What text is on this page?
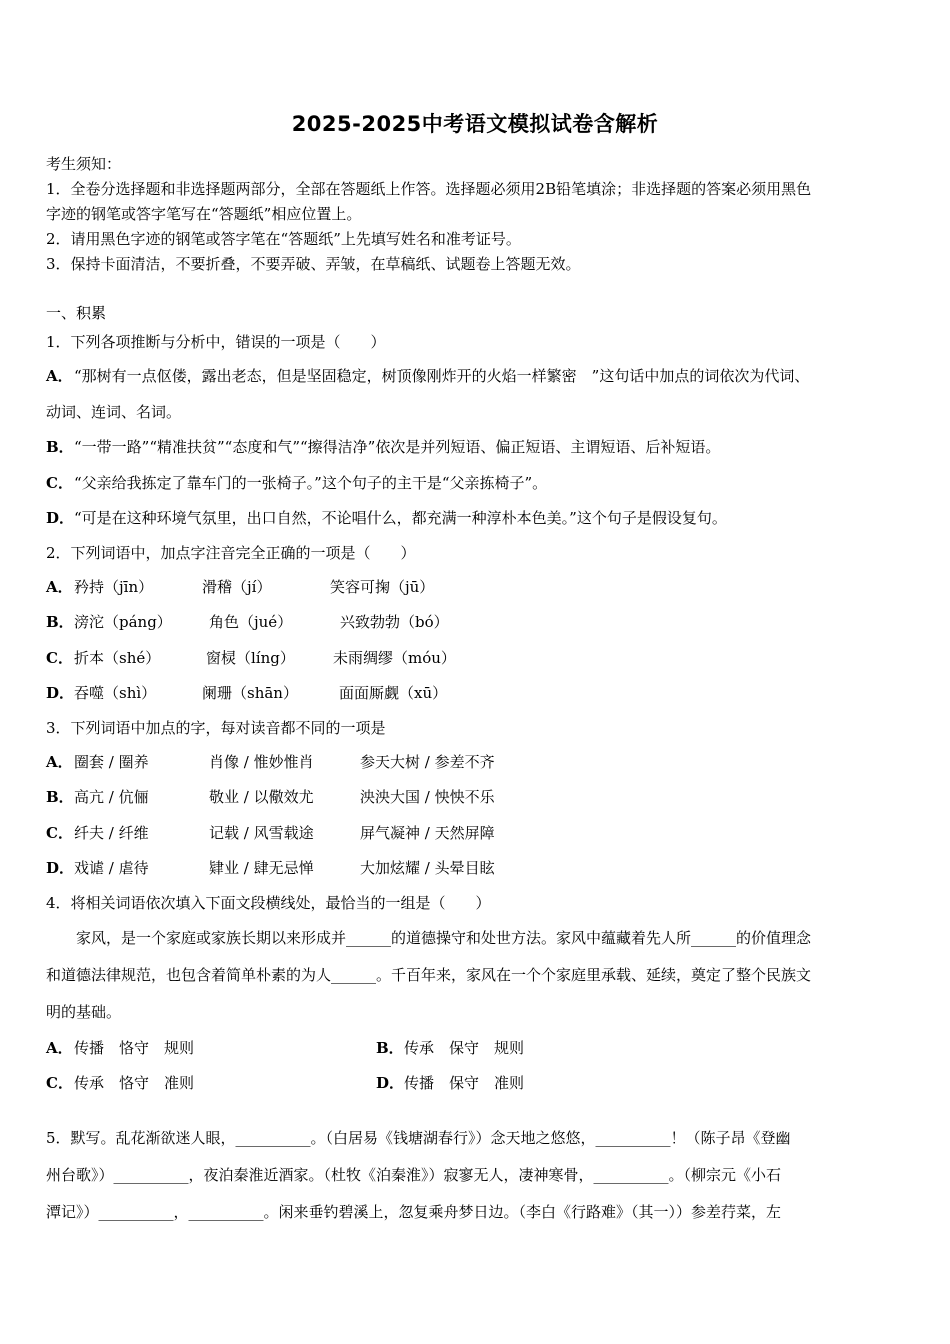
2025-2025中考语文模拟试卷含解析

考生须知：

1．全卷分选择题和非选择题两部分，全部在答题纸上作答。选择题必须用2B铅笔填涂；非选择题的答案必须用黑色

字迹的钢笔或答字笔写在“答题纸”相应位置上。

2．请用黑色字迹的钢笔或答字笔在“答题纸”上先填写姓名和准考证号。

3．保持卡面清洁，不要折叠，不要弄破、弄皱，在草稿纸、试题卷上答题无效。

一、积累

1．下列各项推断与分析中，错误的一项是（　　）

A．“那树有一点伛偻，露出老态，但是坚固稳定，树顶像刚炸开的火焰一样繁密　”这句话中加点的词依次为代词、

动词、连词、名词。

B．“一带一路”“精准扶贫”“态度和气”“擦得洁净”依次是并列短语、偏正短语、主谓短语、后补短语。

C．“父亲给我拣定了靠车门的一张椅子。”这个句子的主干是“父亲拣椅子”。

D．“可是在这种环境气氛里，出口自然，不论唱什么，都充满一种淳朴本色美。”这个句子是假设复句。

2．下列词语中，加点字注音完全正确的一项是（　　）

A．矜持（jīn）	滑稽（jí）	笑容可掬（jū）

B．滂沱（páng） 角色（jué）	兴致勃勃（bó）

C．折本（shé）	窗棂（líng）	未雨绸缪（móu）

D．吞噬（shì）	阑珊（shān）	面面厮觑（xū）

3．下列词语中加点的字，每对读音都不同的一项是

A．圈套 / 圈养	肖像 / 惟妙惟肖	参天大树 / 参差不齐

B．高亢 / 伉俪	敬业 / 以儆效尤	泱泱大国 / 怏怏不乐

C．纤夫 / 纤维	记载 / 风雪载途	屏气凝神 / 天然屏障

D．戏谑 / 虐待	肄业 / 肆无忌惮	大加炫耀 / 头晕目眩

4．将相关词语依次填入下面文段横线处，最恰当的一组是（　　）

家风，是一个家庭或家族长期以来形成并______的道德操守和处世方法。家风中蕴藏着先人所______的价值理念

和道德法律规范，也包含着简单朴素的为人______。千百年来，家风在一个个家庭里承载、延续，奠定了整个民族文

明的基础。

A．传播　恪守　规则	B．传承　保守　规则

C．传承　恪守　准则	D．传播　保守　准则

5．默写。乱花渐欲迷人眼，__________。（白居易《钱塘湖春行》）念天地之悠悠，__________！（陈子昂《登幽

州台歌》）__________，夜泊秦淮近酒家。（杜牧《泊秦淮》）寂寥无人，凄神寒骨，__________。（柳宗元《小石

潭记》）__________，__________。闲来垂钓碧溪上，忽复乘舟梦日边。（李白《行路难》（其一））参差荇菜，左
